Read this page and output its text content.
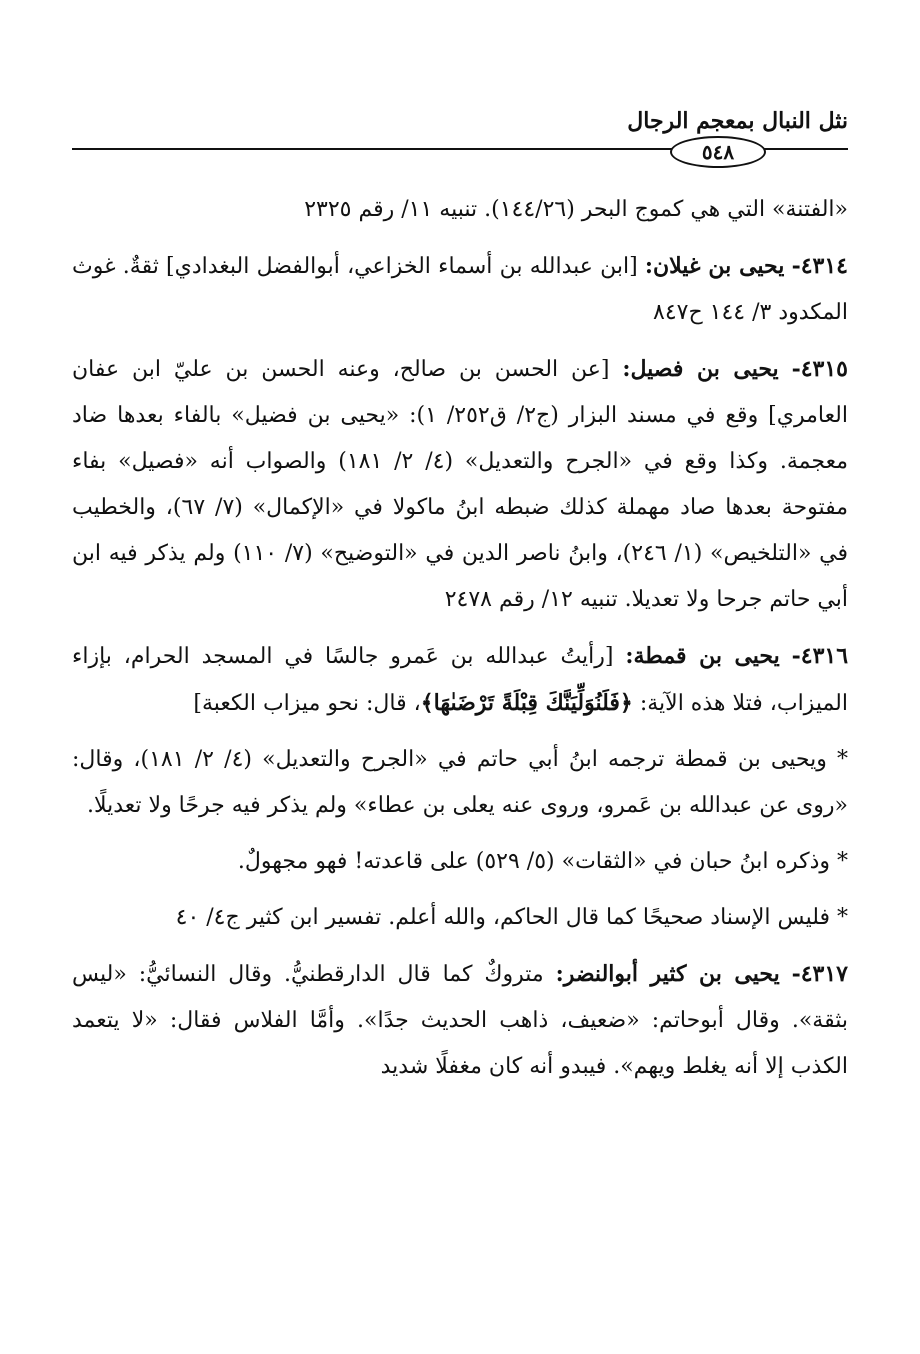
نثل النبال بمعجم الرجال
٥٤٨

«الفتنة» التي هي كموج البحر (١٤٤/٢٦). تنبيه ١١/ رقم ٢٣٢٥

٤٣١٤- يحيى بن غيلان: [ابن عبدالله بن أسماء الخزاعي، أبوالفضل البغدادي] ثقةٌ. غوث المكدود ٣/ ١٤٤ ح٨٤٧

٤٣١٥- يحيى بن فصيل: [عن الحسن بن صالح، وعنه الحسن بن عليّ ابن عفان العامري] وقع في مسند البزار (ج٢/ ق٢٥٢/ ١): «يحيى بن فضيل» بالفاء بعدها ضاد معجمة. وكذا وقع في «الجرح والتعديل» (٤/ ٢/ ١٨١) والصواب أنه «فصيل» بفاء مفتوحة بعدها صاد مهملة كذلك ضبطه ابنُ ماكولا في «الإكمال» (٧/ ٦٧)، والخطيب في «التلخيص» (١/ ٢٤٦)، وابنُ ناصر الدين في «التوضيح» (٧/ ١١٠) ولم يذكر فيه ابن أبي حاتم جرحا ولا تعديلا. تنبيه ١٢/ رقم ٢٤٧٨

٤٣١٦- يحيى بن قمطة: [رأيتُ عبدالله بن عَمرو جالسًا في المسجد الحرام، بإزاء الميزاب، فتلا هذه الآية: ﴿فَلَنُوَلِّيَنَّكَ قِبْلَةً تَرْضَىٰهَا﴾، قال: نحو ميزاب الكعبة]

* ويحيى بن قمطة ترجمه ابنُ أبي حاتم في «الجرح والتعديل» (٤/ ٢/ ١٨١)، وقال: «روى عن عبدالله بن عَمرو، وروى عنه يعلى بن عطاء» ولم يذكر فيه جرحًا ولا تعديلًا.

* وذكره ابنُ حبان في «الثقات» (٥/ ٥٢٩) على قاعدته! فهو مجهولٌ.

* فليس الإسناد صحيحًا كما قال الحاكم، والله أعلم. تفسير ابن كثير ج٤/ ٤٠

٤٣١٧- يحيى بن كثير أبوالنضر: متروكٌ كما قال الدارقطنيُّ. وقال النسائيُّ: «ليس بثقة». وقال أبوحاتم: «ضعيف، ذاهب الحديث جدًا». وأمَّا الفلاس فقال: «لا يتعمد الكذب إلا أنه يغلط ويهم». فيبدو أنه كان مغفلًا شديد
